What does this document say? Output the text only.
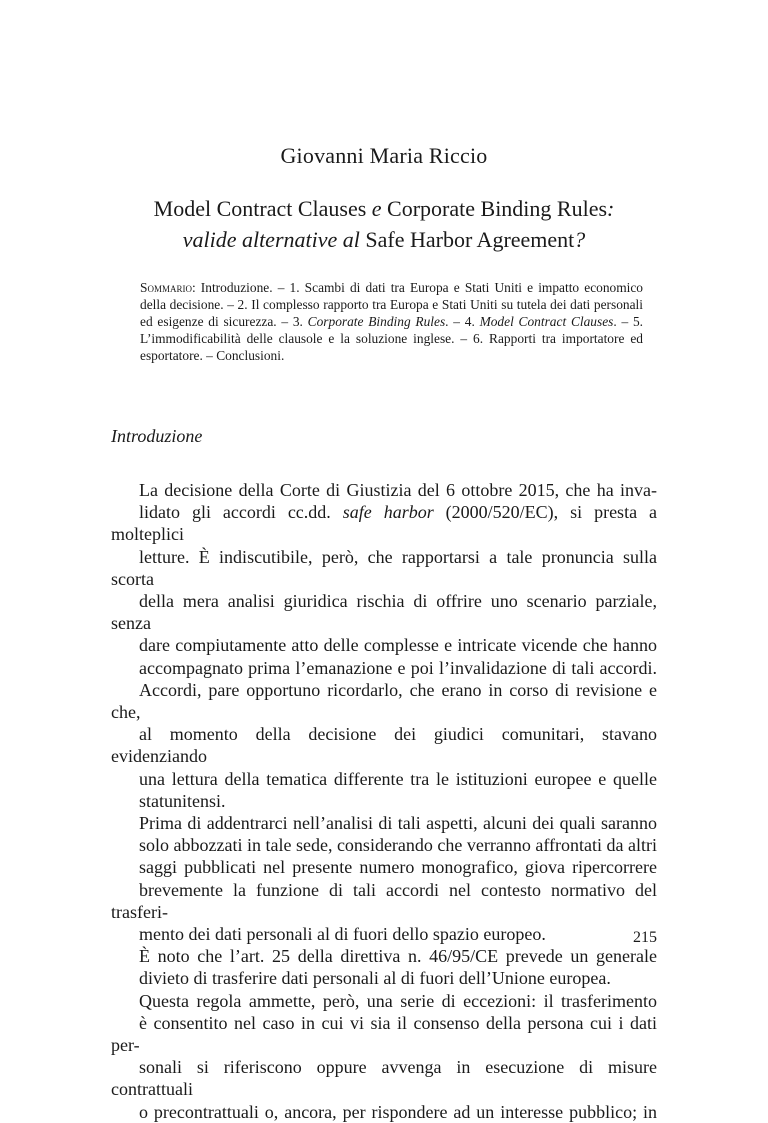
Giovanni Maria Riccio
Model Contract Clauses e Corporate Binding Rules:
valide alternative al Safe Harbor Agreement?
Sommario: Introduzione. – 1. Scambi di dati tra Europa e Stati Uniti e impatto economico della decisione. – 2. Il complesso rapporto tra Europa e Stati Uniti su tutela dei dati personali ed esigenze di sicurezza. – 3. Corporate Binding Rules. – 4. Model Contract Clauses. – 5. L’immodificabilità delle clausole e la soluzione inglese. – 6. Rapporti tra importatore ed esportatore. – Conclusioni.
Introduzione

La decisione della Corte di Giustizia del 6 ottobre 2015, che ha inva-
lidato gli accordi cc.dd. safe harbor (2000/520/EC), si presta a molteplici
letture. È indiscutibile, però, che rapportarsi a tale pronuncia sulla scorta
della mera analisi giuridica rischia di offrire uno scenario parziale, senza
dare compiutamente atto delle complesse e intricate vicende che hanno
accompagnato prima l’emanazione e poi l’invalidazione di tali accordi.
Accordi, pare opportuno ricordarlo, che erano in corso di revisione e che,
al momento della decisione dei giudici comunitari, stavano evidenziando
una lettura della tematica differente tra le istituzioni europee e quelle
statunitensi.

Prima di addentrarci nell’analisi di tali aspetti, alcuni dei quali saranno
solo abbozzati in tale sede, considerando che verranno affrontati da altri
saggi pubblicati nel presente numero monografico, giova ripercorrere
brevemente la funzione di tali accordi nel contesto normativo del trasferi-
mento dei dati personali al di fuori dello spazio europeo.

È noto che l’art. 25 della direttiva n. 46/95/CE prevede un generale
divieto di trasferire dati personali al di fuori dell’Unione europea.

Questa regola ammette, però, una serie di eccezioni: il trasferimento
è consentito nel caso in cui vi sia il consenso della persona cui i dati per-
sonali si riferiscono oppure avvenga in esecuzione di misure contrattuali
o precontrattuali o, ancora, per rispondere ad un interesse pubblico; in

215
